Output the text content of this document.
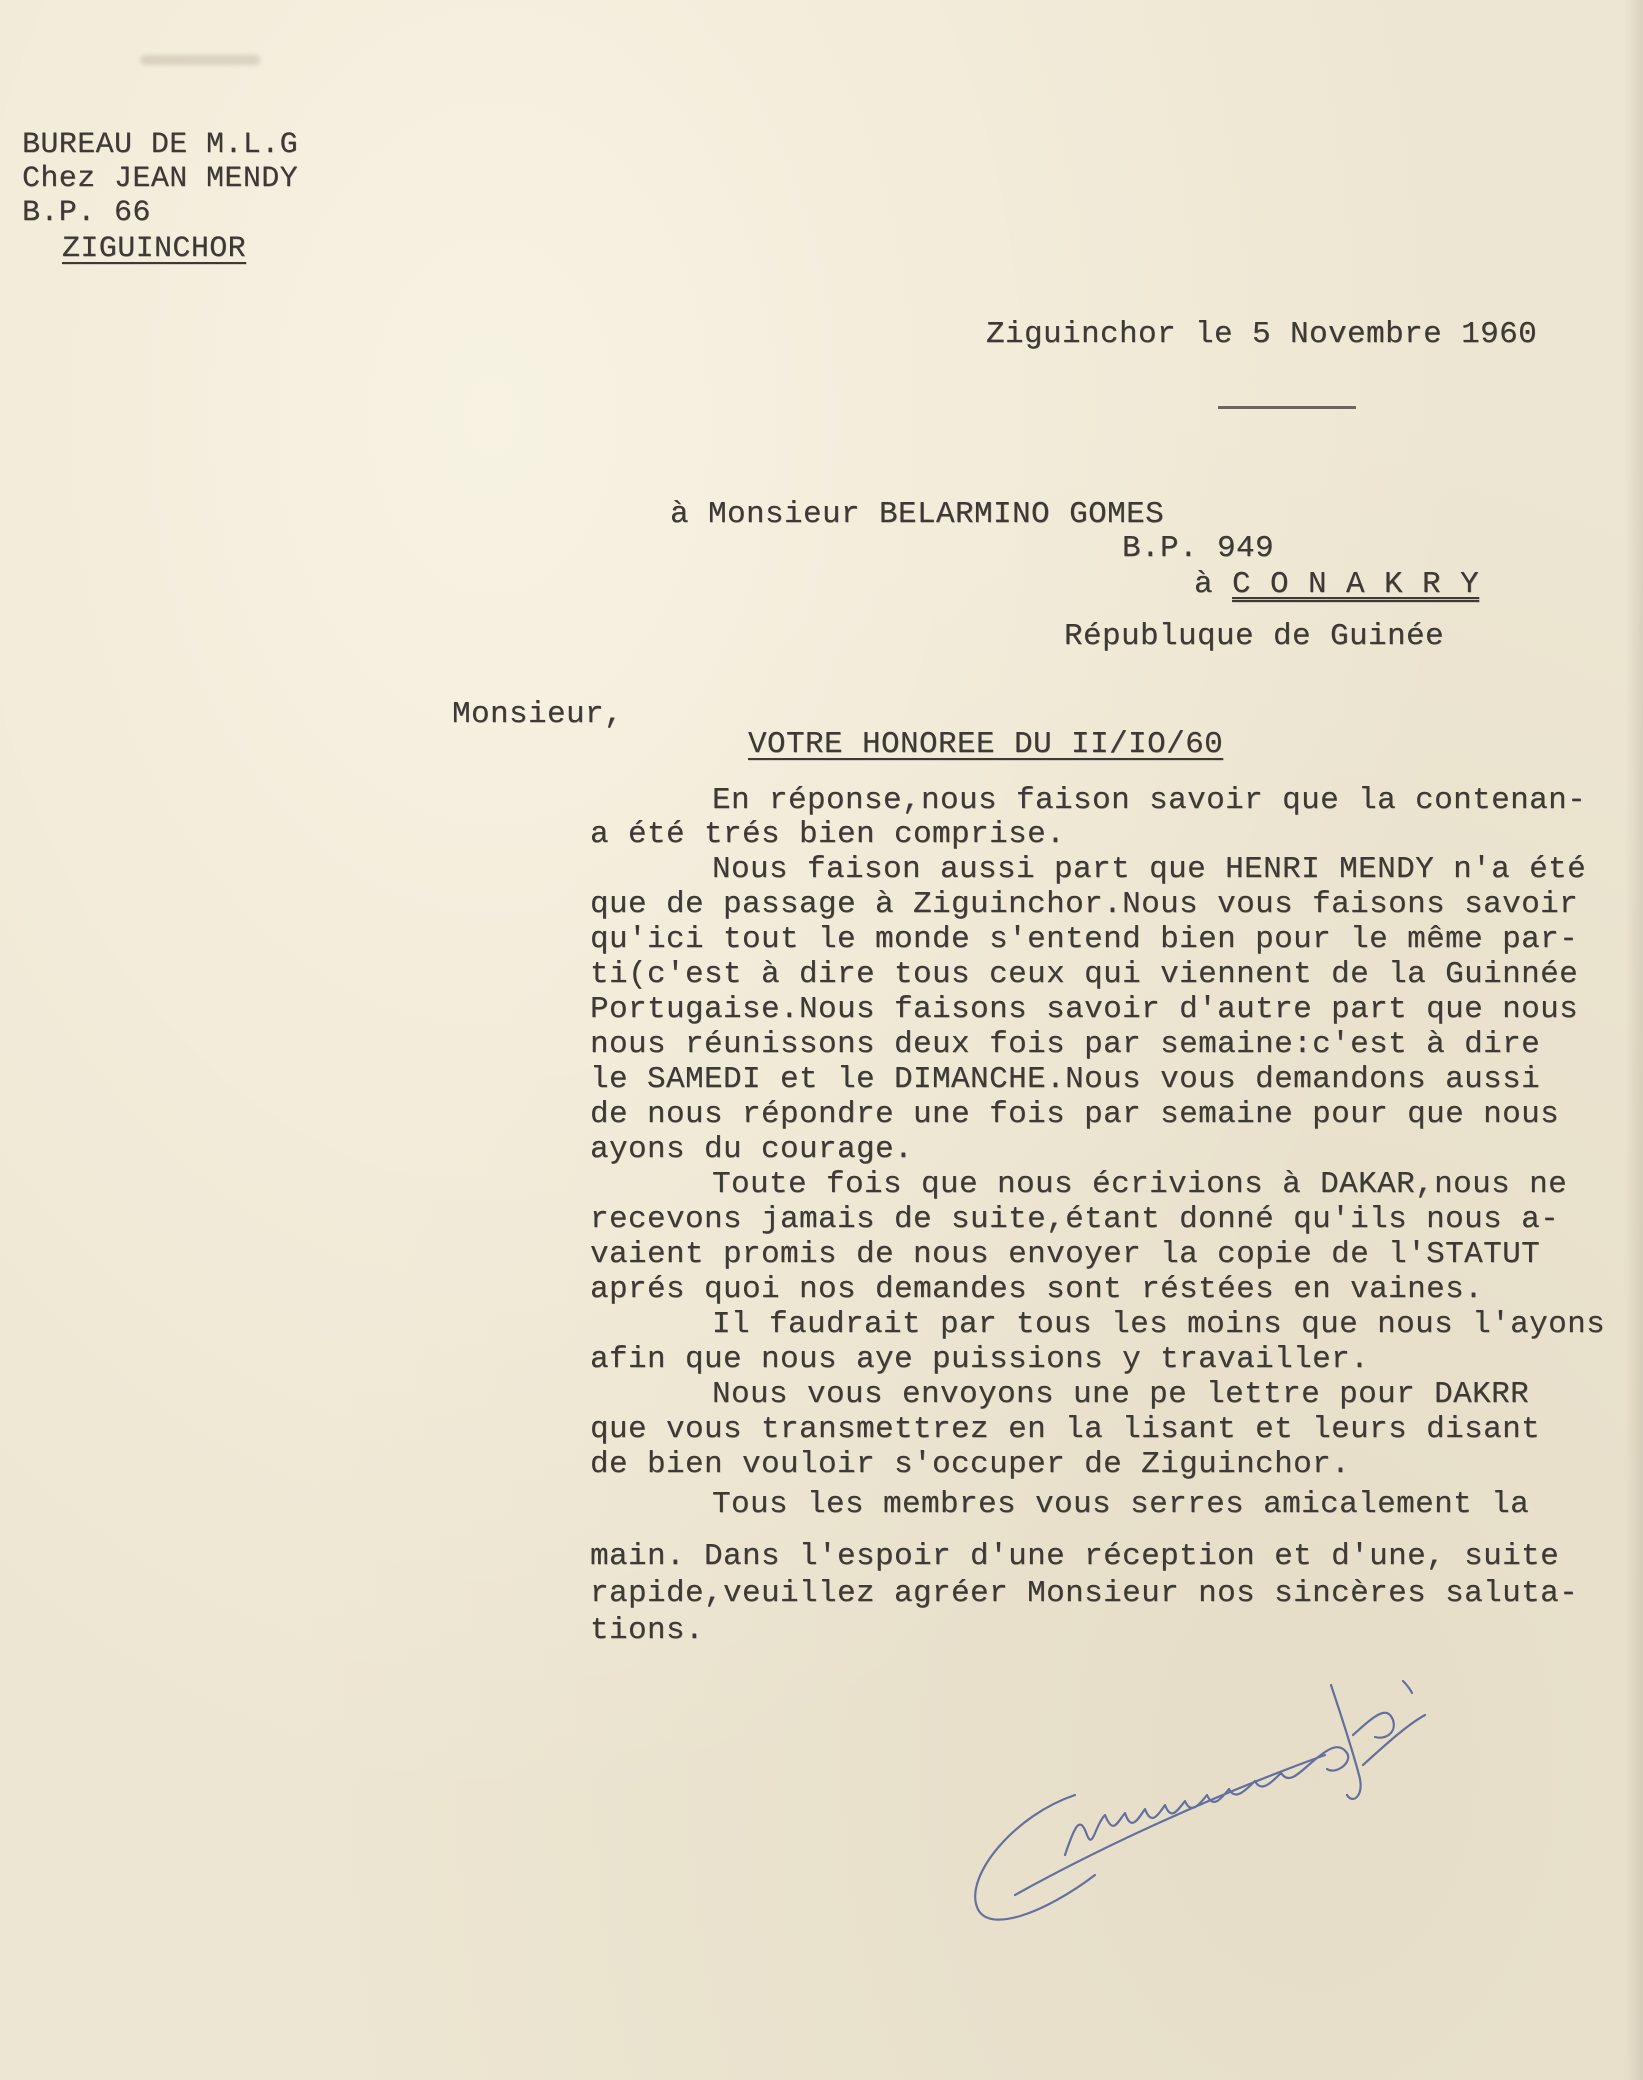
BUREAU DE M.L.G
Chez JEAN MENDY
B.P. 66
ZIGUINCHOR
Ziguinchor le 5 Novembre 1960
à Monsieur BELARMINO GOMES
B.P. 949
à C O N A K R Y
Républuque de Guinée
Monsieur,
VOTRE HONOREE DU II/IO/60
En réponse,nous faison savoir que la contenan-
a été trés bien comprise.
Nous faison aussi part que HENRI MENDY n'a été
que de passage à Ziguinchor.Nous vous faisons savoir
qu'ici tout le monde s'entend bien pour le même par-
ti(c'est à dire tous ceux qui viennent de la Guinnée
Portugaise.Nous faisons savoir d'autre part que nous
nous réunissons deux fois par semaine:c'est à dire
le SAMEDI et le DIMANCHE.Nous vous demandons aussi
de nous répondre une fois par semaine pour que nous
ayons du courage.
Toute fois que nous écrivions à DAKAR,nous ne
recevons jamais de suite,étant donné qu'ils nous a-
vaient promis de nous envoyer la copie de l'STATUT
aprés quoi nos demandes sont réstées en vaines.
Il faudrait par tous les moins que nous l'ayons
afin que nous aye puissions y travailler.
Nous vous envoyons une pe lettre pour DAKRR
que vous transmettrez en la lisant et leurs disant
de bien vouloir s'occuper de Ziguinchor.
Tous les membres vous serres amicalement la
main. Dans l'espoir d'une réception et d'une, suite
rapide,veuillez agréer Monsieur nos sincères saluta-
tions.
